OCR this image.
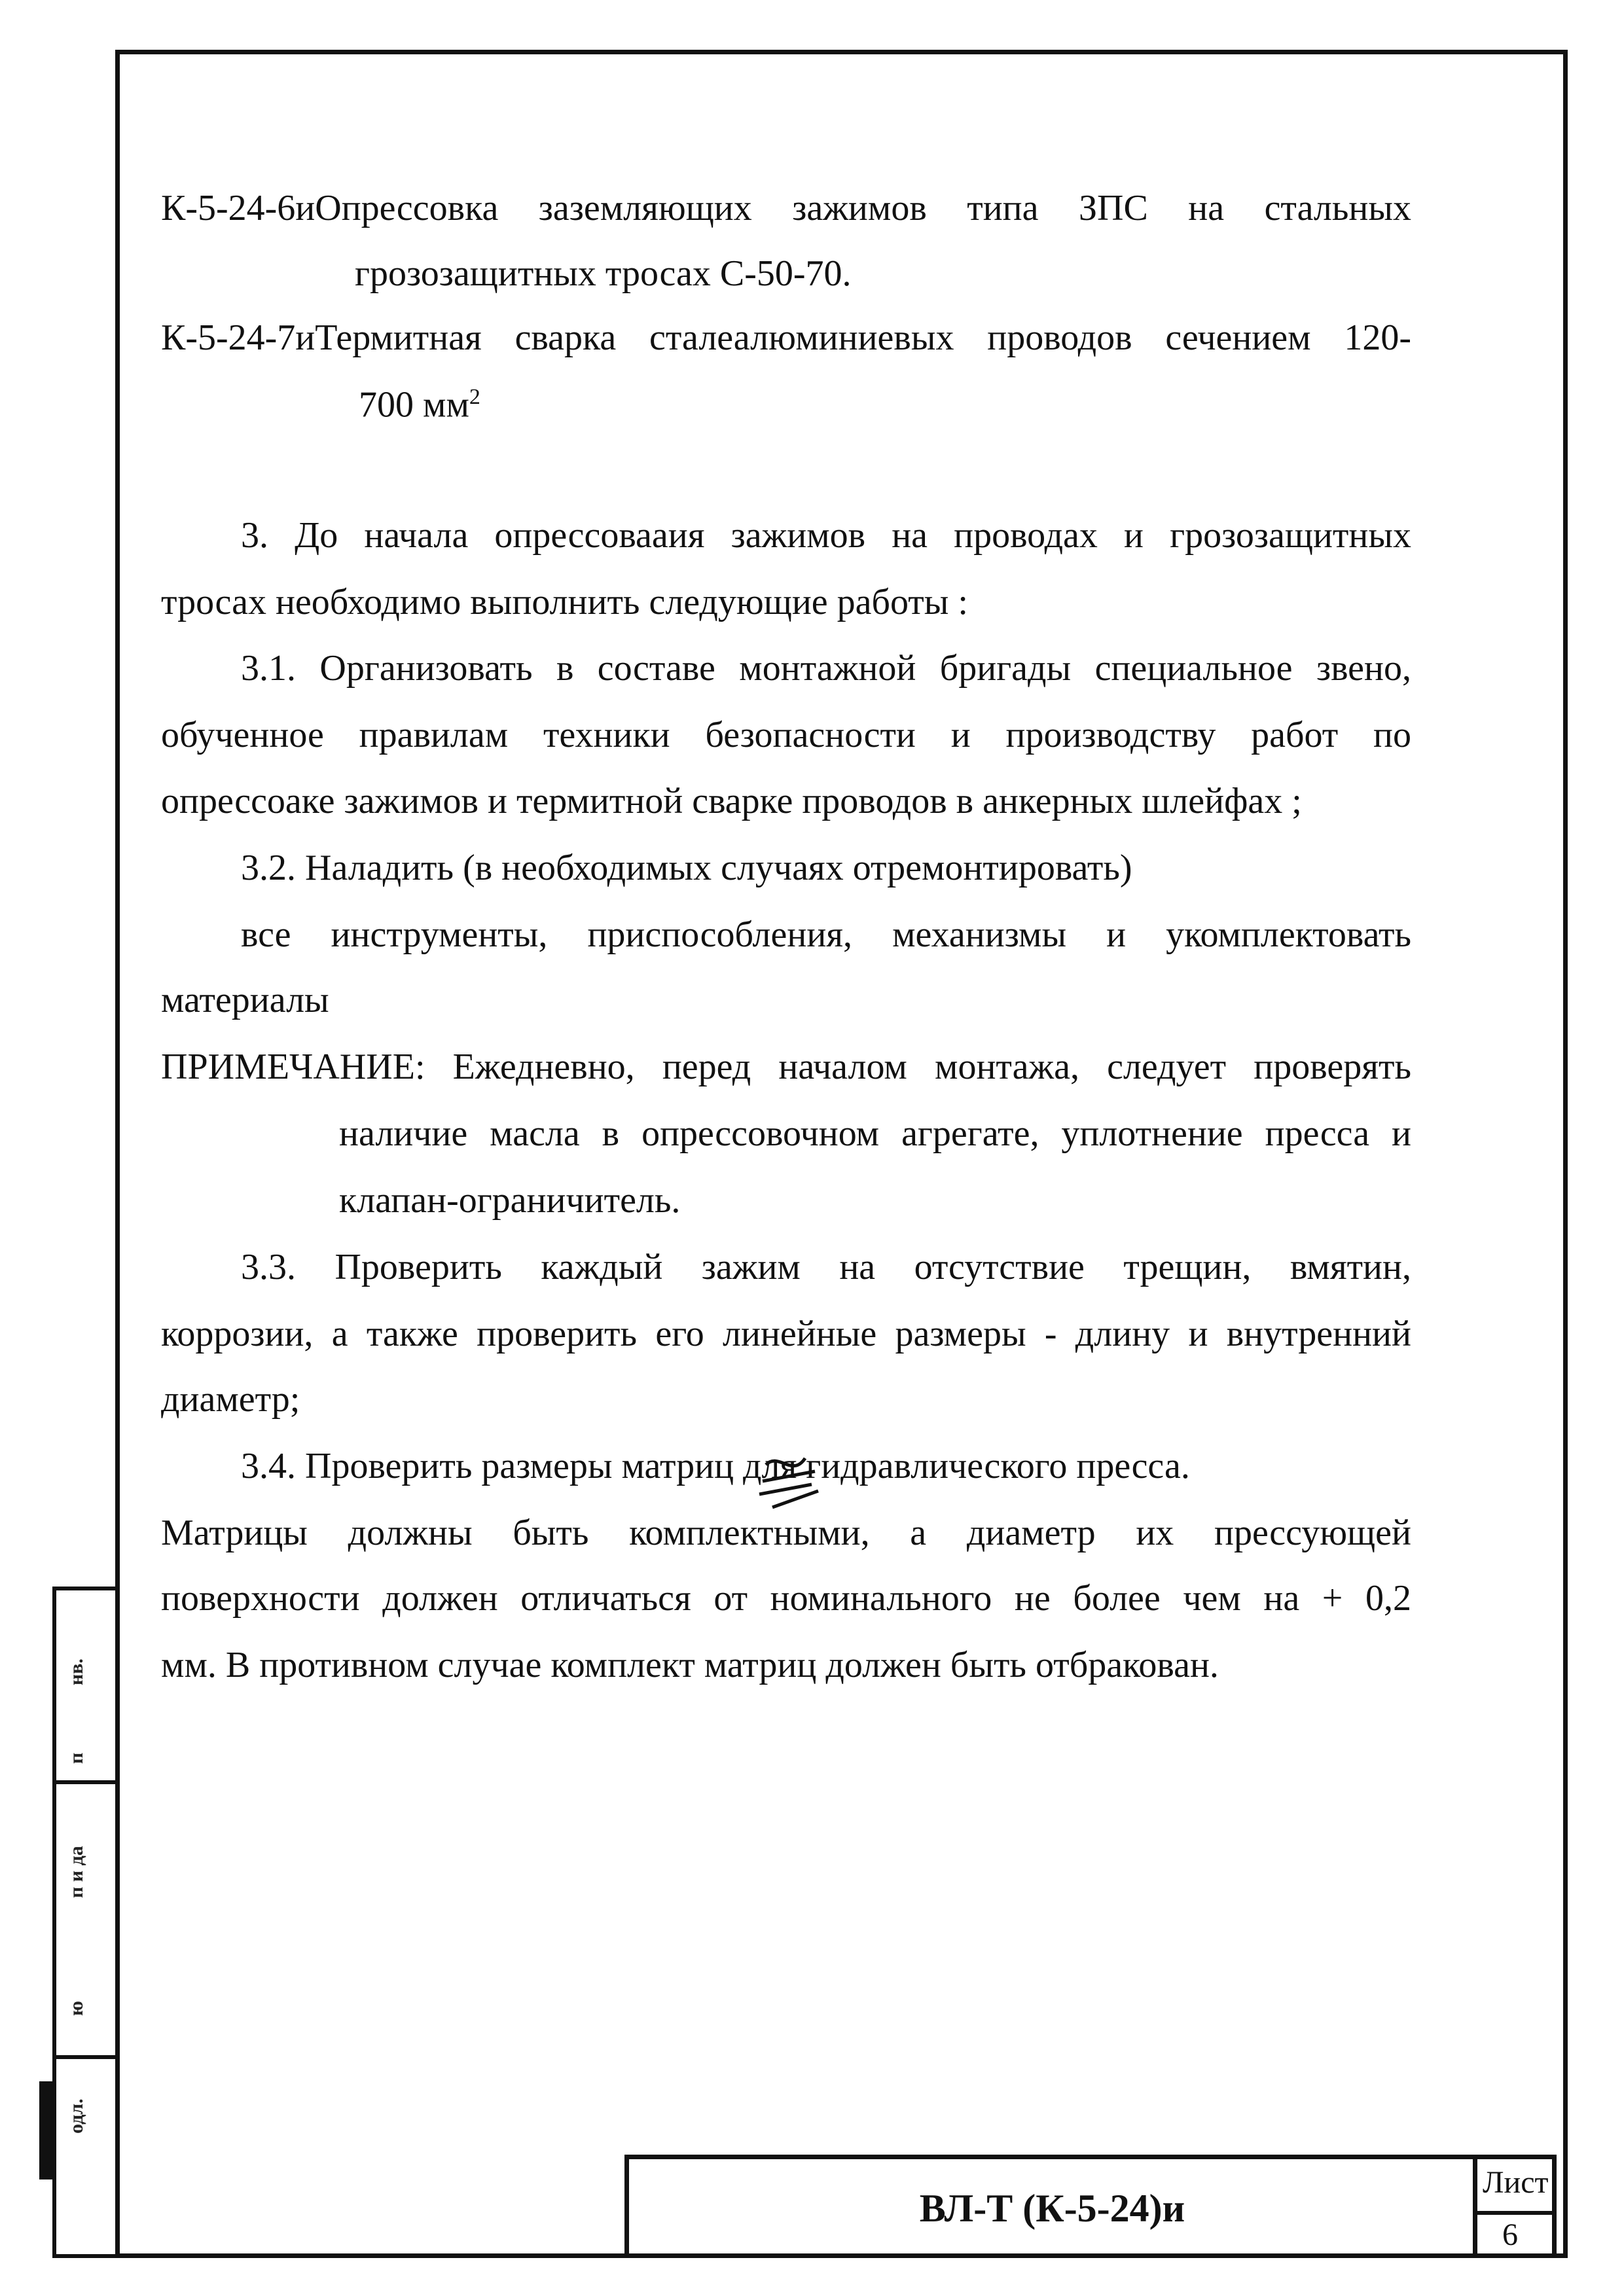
нв.
п
п и да
ю
одл.
К-5-24-6и Опрессовка заземляющих зажимов типа ЗПС на стальных
грозозащитных тросах С-50-70.
К-5-24-7и Термитная сварка сталеалюминиевых проводов сечением 120-
700 $мм^2$
3. До начала опрессоваaия зажимов на проводах и грозозащитных
тросах необходимо выполнить следующие работы :
3.1. Организовать в составе монтажной бригады специальное звено,
обученное правилам техники безопасности и производству работ по
опрессоаке зажимов и термитной сварке проводов в анкерных шлейфах ;
3.2. Наладить (в необходимых случаях отремонтировать)
все инструменты, приспособления, механизмы и укомплектовать
материалы
ПРИМЕЧАНИЕ: Ежедневно, перед началом монтажа, следует проверять
наличие масла в опрессовочном агрегате, уплотнение пресса и
клапан-ограничитель.
3.3. Проверить каждый зажим на отсутствие трещин, вмятин,
коррозии, а также проверить его линейные размеры - длину и внутренний
диаметр;
3.4. Проверить размеры матриц для гидравлического пресса.
Матрицы должны быть комплектными, а диаметр их прессующей
поверхности должен отличаться от номинального не более чем на + 0,2
мм. В противном случае комплект матриц должен быть отбракован.
ВЛ-Т (К-5-24)и
Лист
6
